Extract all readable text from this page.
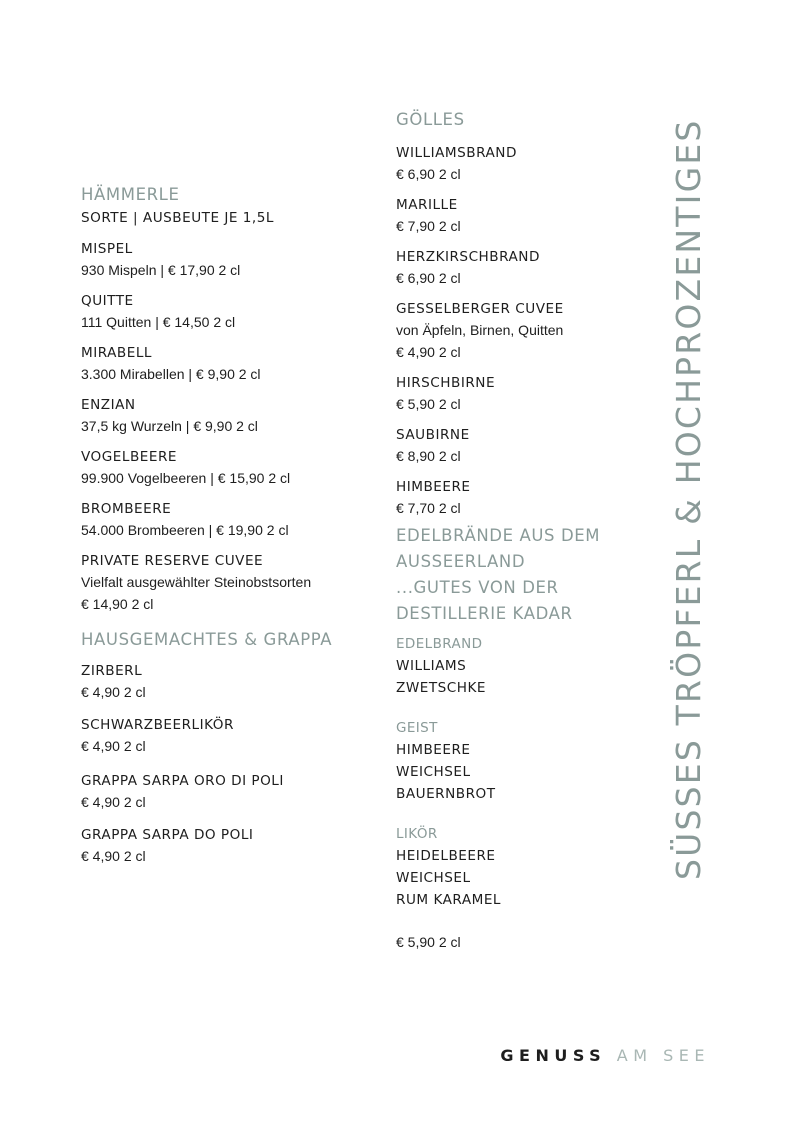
HÄMMERLE
SORTE | AUSBEUTE JE 1,5L
MISPEL
930 Mispeln | € 17,90 2 cl
QUITTE
111 Quitten | € 14,50 2 cl
MIRABELL
3.300 Mirabellen | € 9,90 2 cl
ENZIAN
37,5 kg Wurzeln | € 9,90 2 cl
VOGELBEERE
99.900 Vogelbeeren | € 15,90 2 cl
BROMBEERE
54.000 Brombeeren | € 19,90 2 cl
PRIVATE RESERVE CUVEE
Vielfalt ausgewählter Steinobstsorten
€ 14,90 2 cl
HAUSGEMACHTES & GRAPPA
ZIRBERL
€ 4,90 2 cl
SCHWARZBEERLIKÖR
€ 4,90 2 cl
GRAPPA SARPA ORO DI POLI
€ 4,90 2 cl
GRAPPA SARPA DO POLI
€ 4,90 2 cl
GÖLLES
WILLIAMSBRAND
€ 6,90 2 cl
MARILLE
€ 7,90 2 cl
HERZKIRSCHBRAND
€ 6,90 2 cl
GESSELBERGER CUVEE
von Äpfeln, Birnen, Quitten
€ 4,90 2 cl
HIRSCHBIRNE
€ 5,90 2 cl
SAUBIRNE
€ 8,90 2 cl
HIMBEERE
€ 7,70 2 cl
EDELBRÄNDE AUS DEM
AUSSEERLAND
...GUTES VON DER
DESTILLERIE KADAR
EDELBRAND
WILLIAMS
ZWETSCHKE
GEIST
HIMBEERE
WEICHSEL
BAUERNBROT
LIKÖR
HEIDELBEERE
WEICHSEL
RUM KARAMEL
€ 5,90 2 cl
SÜSSES TRÖPFERL & HOCHPROZENTIGES
GENUSS AM SEE
